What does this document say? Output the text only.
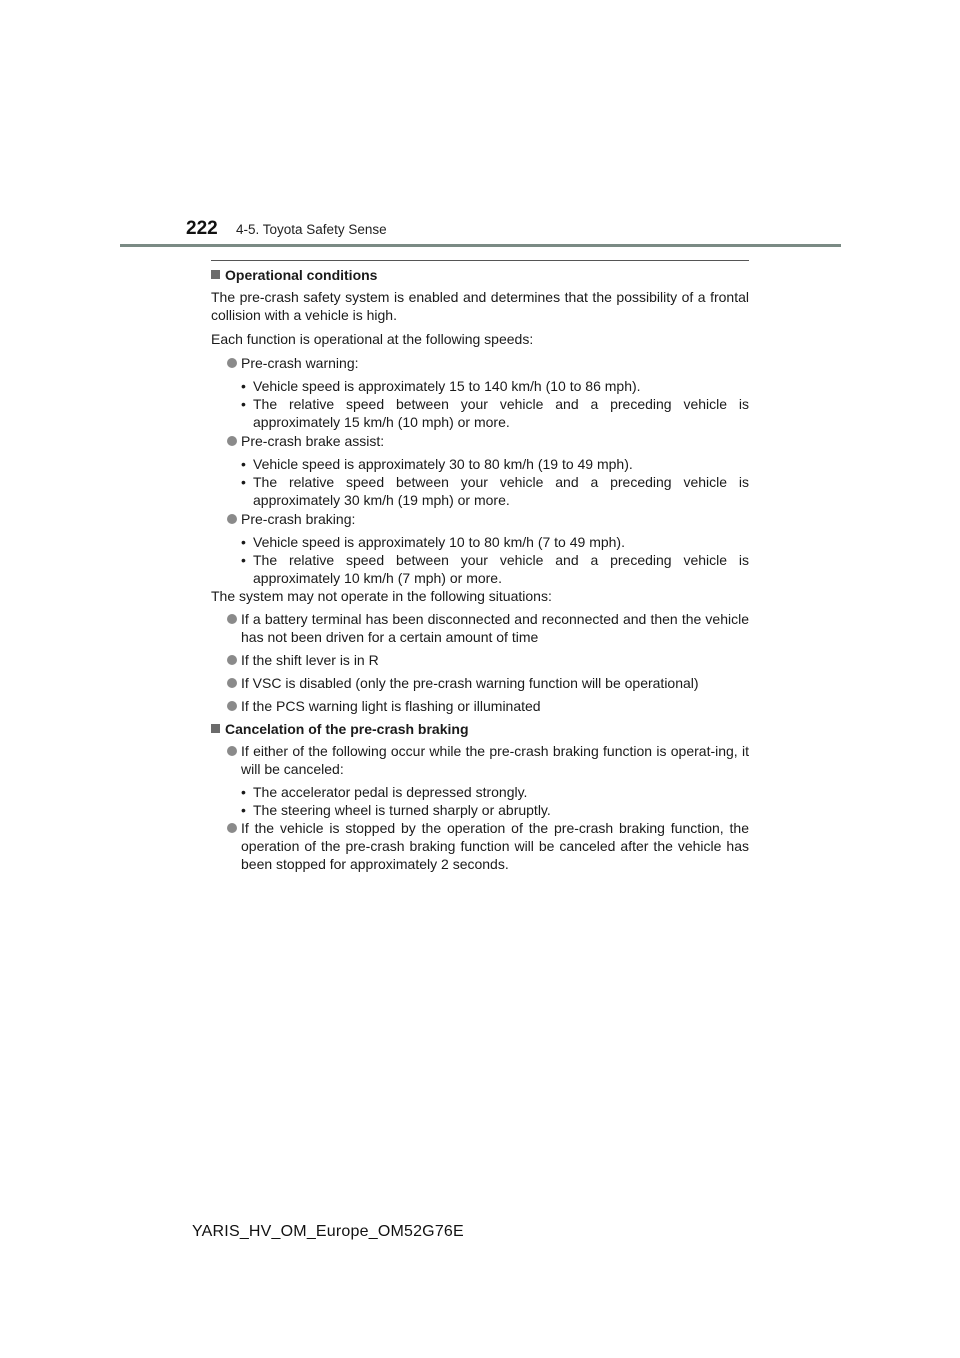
222 4-5. Toyota Safety Sense
Operational conditions

The pre-crash safety system is enabled and determines that the possibility of a frontal collision with a vehicle is high.

Each function is operational at the following speeds:

Pre-crash warning:
• Vehicle speed is approximately 15 to 140 km/h (10 to 86 mph).
• The relative speed between your vehicle and a preceding vehicle is approximately 15 km/h (10 mph) or more.
Pre-crash brake assist:
• Vehicle speed is approximately 30 to 80 km/h (19 to 49 mph).
• The relative speed between your vehicle and a preceding vehicle is approximately 30 km/h (19 mph) or more.
Pre-crash braking:
• Vehicle speed is approximately 10 to 80 km/h (7 to 49 mph).
• The relative speed between your vehicle and a preceding vehicle is approximately 10 km/h (7 mph) or more.

The system may not operate in the following situations:

If a battery terminal has been disconnected and reconnected and then the vehicle has not been driven for a certain amount of time
If the shift lever is in R
If VSC is disabled (only the pre-crash warning function will be operational)
If the PCS warning light is flashing or illuminated
Cancelation of the pre-crash braking
If either of the following occur while the pre-crash braking function is operat-ing, it will be canceled:
• The accelerator pedal is depressed strongly.
• The steering wheel is turned sharply or abruptly.
If the vehicle is stopped by the operation of the pre-crash braking function, the operation of the pre-crash braking function will be canceled after the vehicle has been stopped for approximately 2 seconds.
YARIS_HV_OM_Europe_OM52G76E
